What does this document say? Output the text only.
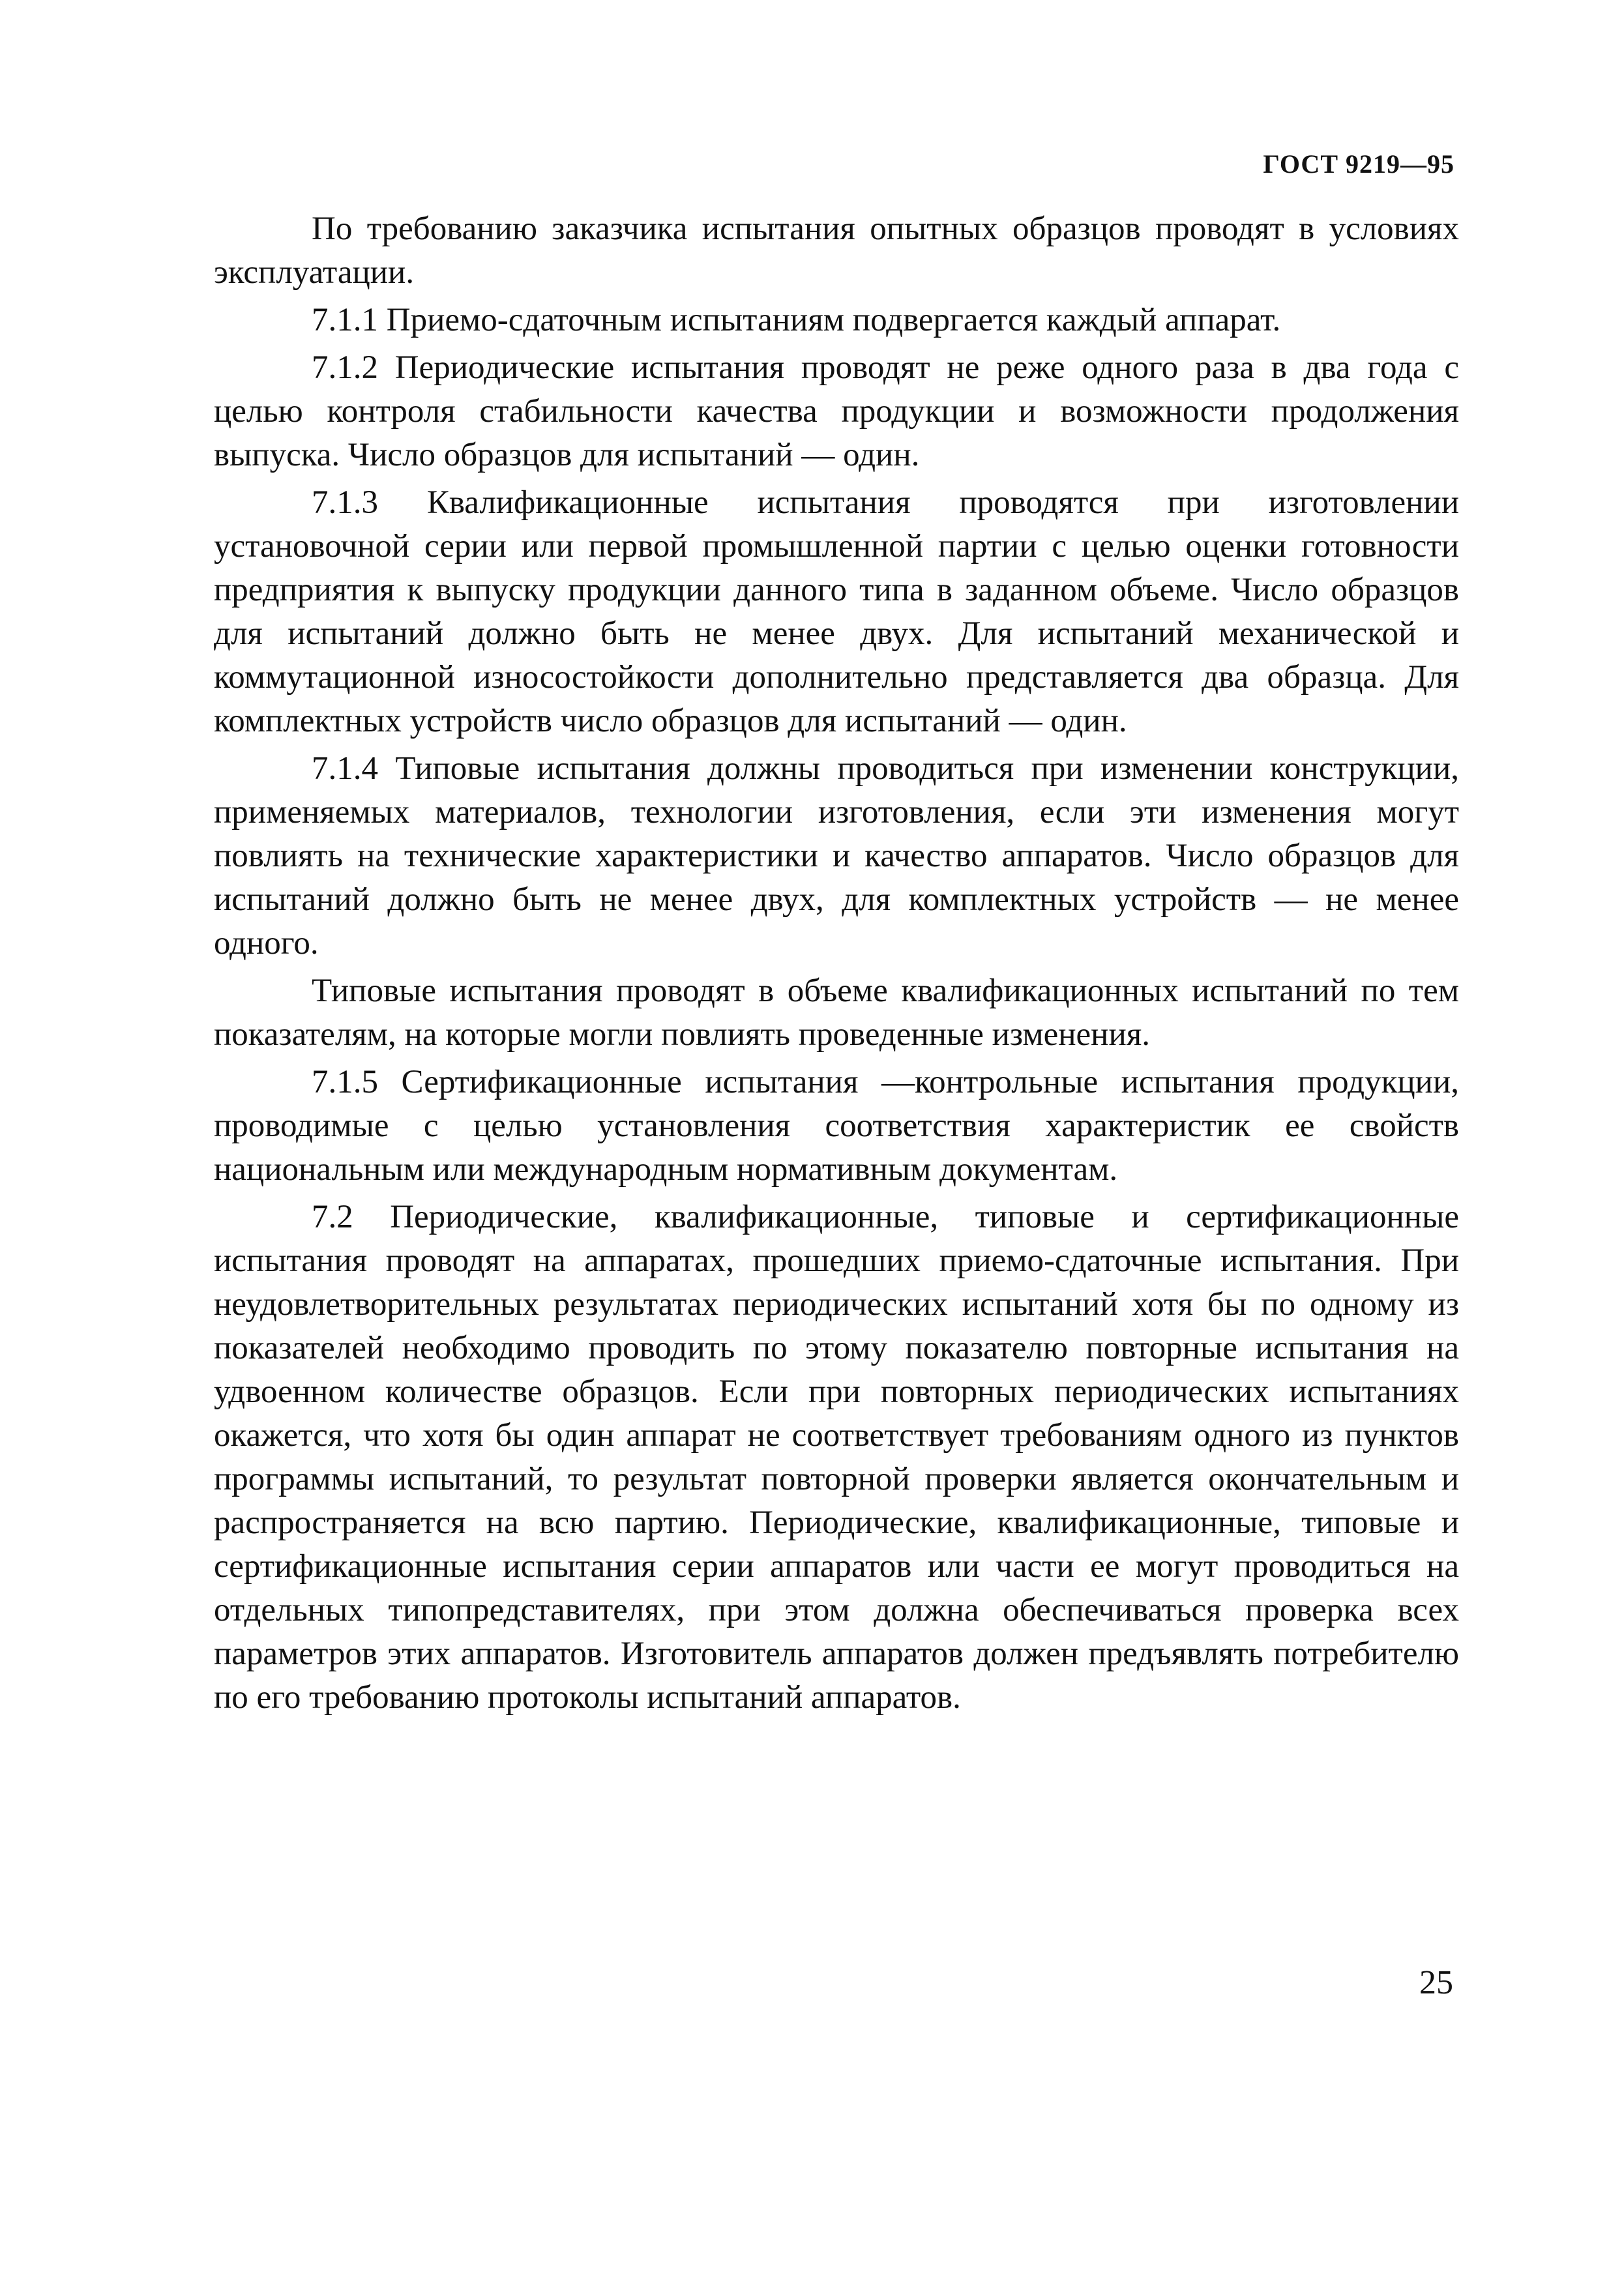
ГОСТ 9219—95

По требованию заказчика испытания опытных образцов проводят в условиях эксплуатации.

7.1.1 Приемо-сдаточным испытаниям подвергается каждый аппарат.

7.1.2 Периодические испытания проводят не реже одного раза в два года с целью контроля стабильности качества продукции и возможности продолжения выпуска. Число образцов для испытаний — один.

7.1.3 Квалификационные испытания проводятся при изготовлении установочной серии или первой промышленной партии с целью оценки готовности предприятия к выпуску продукции данного типа в заданном объеме. Число образцов для испытаний должно быть не менее двух. Для испытаний механической и коммутационной износостойкости дополнительно представляется два образца. Для комплектных устройств число образцов для испытаний — один.

7.1.4 Типовые испытания должны проводиться при изменении конструкции, применяемых материалов, технологии изготовления, если эти изменения могут повлиять на технические характеристики и качество аппаратов. Число образцов для испытаний должно быть не менее двух, для комплектных устройств — не менее одного.

Типовые испытания проводят в объеме квалификационных испытаний по тем показателям, на которые могли повлиять проведенные изменения.

7.1.5 Сертификационные испытания —контрольные испытания продукции, проводимые с целью установления соответствия характеристик ее свойств национальным или международным нормативным документам.

7.2 Периодические, квалификационные, типовые и сертификационные испытания проводят на аппаратах, прошедших приемо-сдаточные испытания. При неудовлетворительных результатах периодических испытаний хотя бы по одному из показателей необходимо проводить по этому показателю повторные испытания на удвоенном количестве образцов. Если при повторных периодических испытаниях окажется, что хотя бы один аппарат не соответствует требованиям одного из пунктов программы испытаний, то результат повторной проверки является окончательным и распространяется на всю партию. Периодические, квалификационные, типовые и сертификационные испытания серии аппаратов или части ее могут проводиться на отдельных типопредставителях, при этом должна обеспечиваться проверка всех параметров этих аппаратов. Изготовитель аппаратов должен предъявлять потребителю по его требованию протоколы испытаний аппаратов.

25
